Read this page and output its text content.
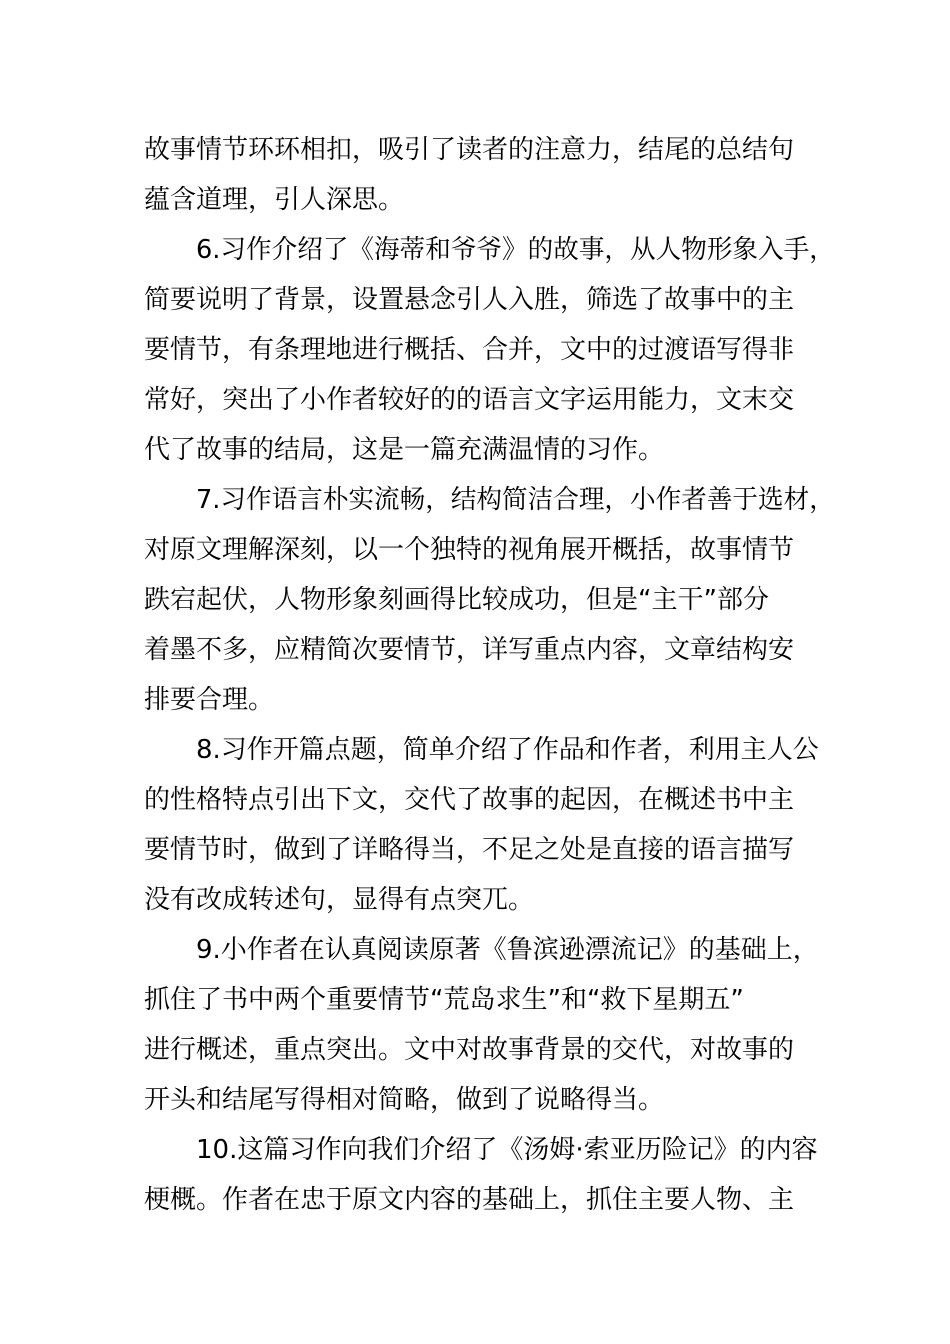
故事情节环环相扣，吸引了读者的注意力，结尾的总结句
蕴含道理，引人深思。
6.习作介绍了《海蒂和爷爷》的故事，从人物形象入手，
简要说明了背景，设置悬念引人入胜，筛选了故事中的主
要情节，有条理地进行概括、合并，文中的过渡语写得非
常好，突出了小作者较好的的语言文字运用能力，文末交
代了故事的结局，这是一篇充满温情的习作。
7.习作语言朴实流畅，结构简洁合理，小作者善于选材，
对原文理解深刻，以一个独特的视角展开概括，故事情节
跌宕起伏，人物形象刻画得比较成功，但是“主干”部分
着墨不多，应精简次要情节，详写重点内容，文章结构安
排要合理。
8.习作开篇点题，简单介绍了作品和作者，利用主人公
的性格特点引出下文，交代了故事的起因，在概述书中主
要情节时，做到了详略得当，不足之处是直接的语言描写
没有改成转述句，显得有点突兀。
9.小作者在认真阅读原著《鲁滨逊漂流记》的基础上，
抓住了书中两个重要情节“荒岛求生”和“救下星期五”
进行概述，重点突出。文中对故事背景的交代，对故事的
开头和结尾写得相对简略，做到了说略得当。
10.这篇习作向我们介绍了《汤姆·索亚历险记》的内容
梗概。作者在忠于原文内容的基础上，抓住主要人物、主
